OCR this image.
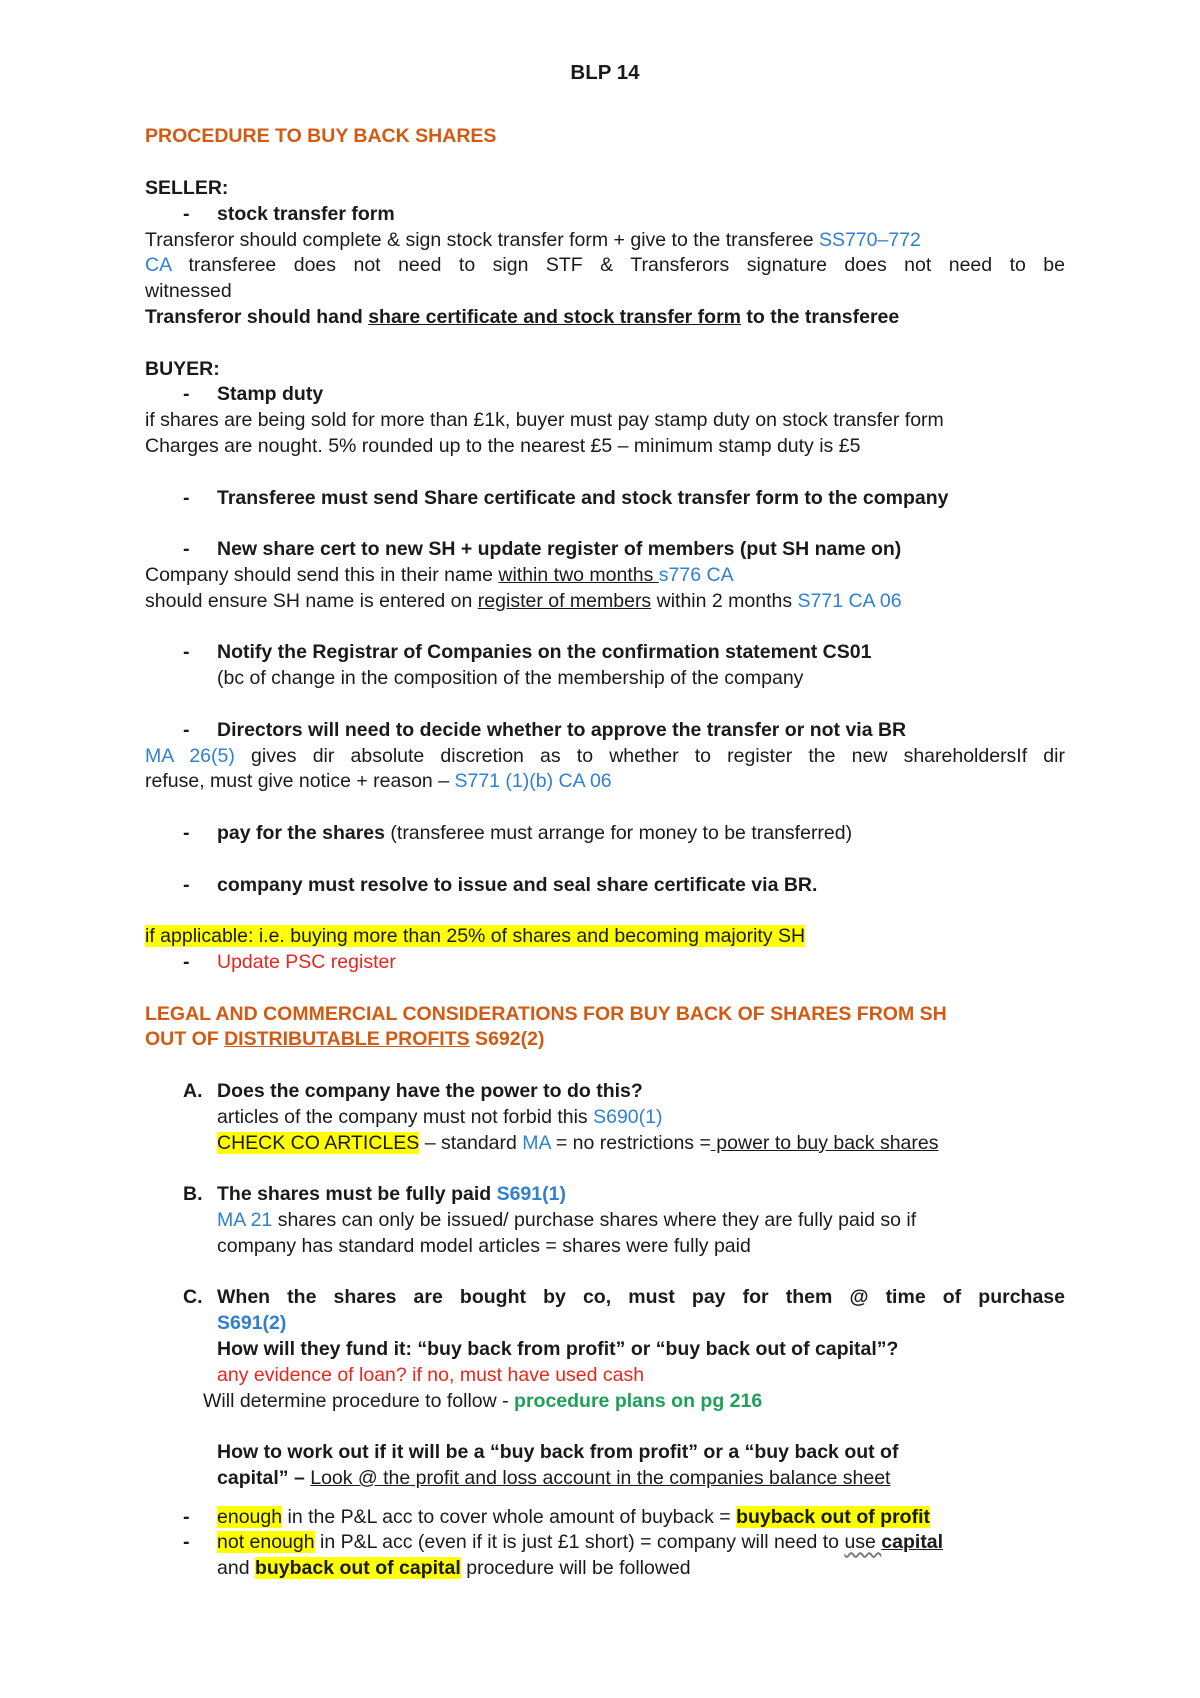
BLP 14
PROCEDURE TO BUY BACK SHARES
SELLER:
- stock transfer form
Transferor should complete & sign stock transfer form + give to the transferee SS770–772
CA transferee does not need to sign STF & Transferors signature does not need to be
witnessed
Transferor should hand share certificate and stock transfer form to the transferee
BUYER:
- Stamp duty
if shares are being sold for more than £1k, buyer must pay stamp duty on stock transfer form
Charges are nought. 5% rounded up to the nearest £5 – minimum stamp duty is £5
- Transferee must send Share certificate and stock transfer form to the company
- New share cert to new SH + update register of members (put SH name on)
Company should send this in their name within two months s776 CA
should ensure SH name is entered on register of members within 2 months S771 CA 06
- Notify the Registrar of Companies on the confirmation statement CS01
(bc of change in the composition of the membership of the company
- Directors will need to decide whether to approve the transfer or not via BR
MA 26(5) gives dir absolute discretion as to whether to register the new shareholdersIf dir
refuse, must give notice + reason – S771 (1)(b) CA 06
- pay for the shares (transferee must arrange for money to be transferred)
- company must resolve to issue and seal share certificate via BR.
if applicable: i.e. buying more than 25% of shares and becoming majority SH
- Update PSC register
LEGAL AND COMMERCIAL CONSIDERATIONS FOR BUY BACK OF SHARES FROM SH
OUT OF DISTRIBUTABLE PROFITS S692(2)
A. Does the company have the power to do this?
articles of the company must not forbid this S690(1)
CHECK CO ARTICLES – standard MA = no restrictions = power to buy back shares
B. The shares must be fully paid S691(1)
MA 21 shares can only be issued/ purchase shares where they are fully paid so if
company has standard model articles = shares were fully paid
C. When the shares are bought by co, must pay for them @ time of purchase
S691(2)
How will they fund it: “buy back from profit” or “buy back out of capital”?
any evidence of loan? if no, must have used cash
Will determine procedure to follow - procedure plans on pg 216
How to work out if it will be a “buy back from profit” or a “buy back out of
capital” – Look @ the profit and loss account in the companies balance sheet
- enough in the P&L acc to cover whole amount of buyback = buyback out of profit
- not enough in P&L acc (even if it is just £1 short) = company will need to use capital
and buyback out of capital procedure will be followed
